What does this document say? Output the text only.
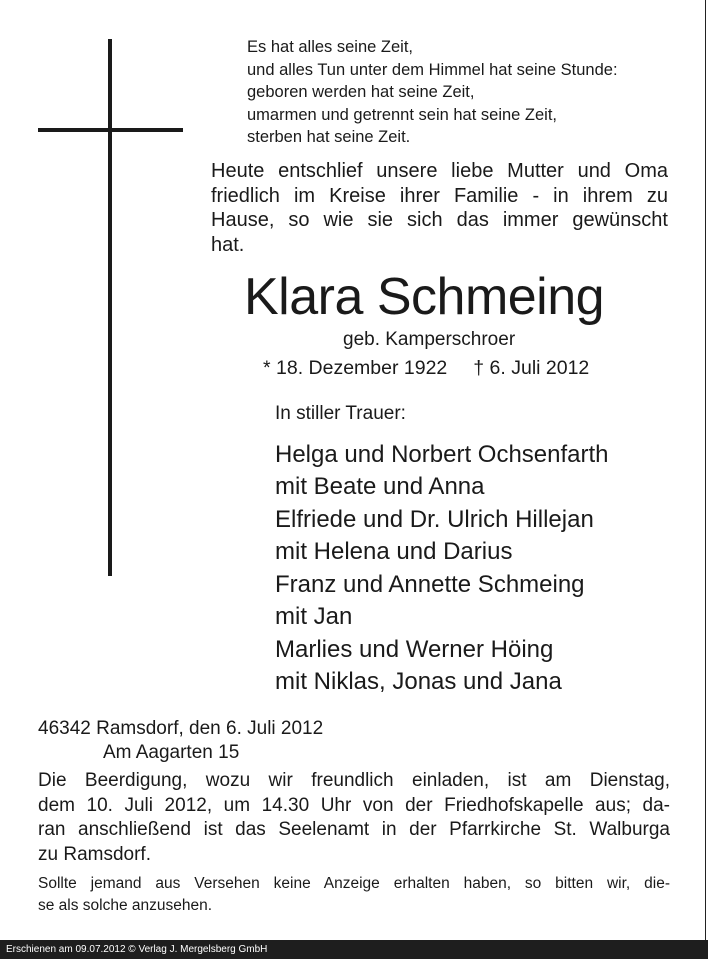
Es hat alles seine Zeit,
und alles Tun unter dem Himmel hat seine Stunde:
geboren werden hat seine Zeit,
umarmen und getrennt sein hat seine Zeit,
sterben hat seine Zeit.
Heute entschlief unsere liebe Mutter und Oma
friedlich im Kreise ihrer Familie - in ihrem zu
Hause, so wie sie sich das immer gewünscht
hat.
Klara Schmeing
geb. Kamperschroer
* 18. Dezember 1922 † 6. Juli 2012
In stiller Trauer:
Helga und Norbert Ochsenfarth
mit Beate und Anna
Elfriede und Dr. Ulrich Hillejan
mit Helena und Darius
Franz und Annette Schmeing
mit Jan
Marlies und Werner Höing
mit Niklas, Jonas und Jana
46342 Ramsdorf, den 6. Juli 2012
Am Aagarten 15
Die Beerdigung, wozu wir freundlich einladen, ist am Dienstag,
dem 10. Juli 2012, um 14.30 Uhr von der Friedhofskapelle aus; da-
ran anschließend ist das Seelenamt in der Pfarrkirche St. Walburga
zu Ramsdorf.
Sollte jemand aus Versehen keine Anzeige erhalten haben, so bitten wir, die-
se als solche anzusehen.
Erschienen am 09.07.2012 © Verlag J. Mergelsberg GmbH
